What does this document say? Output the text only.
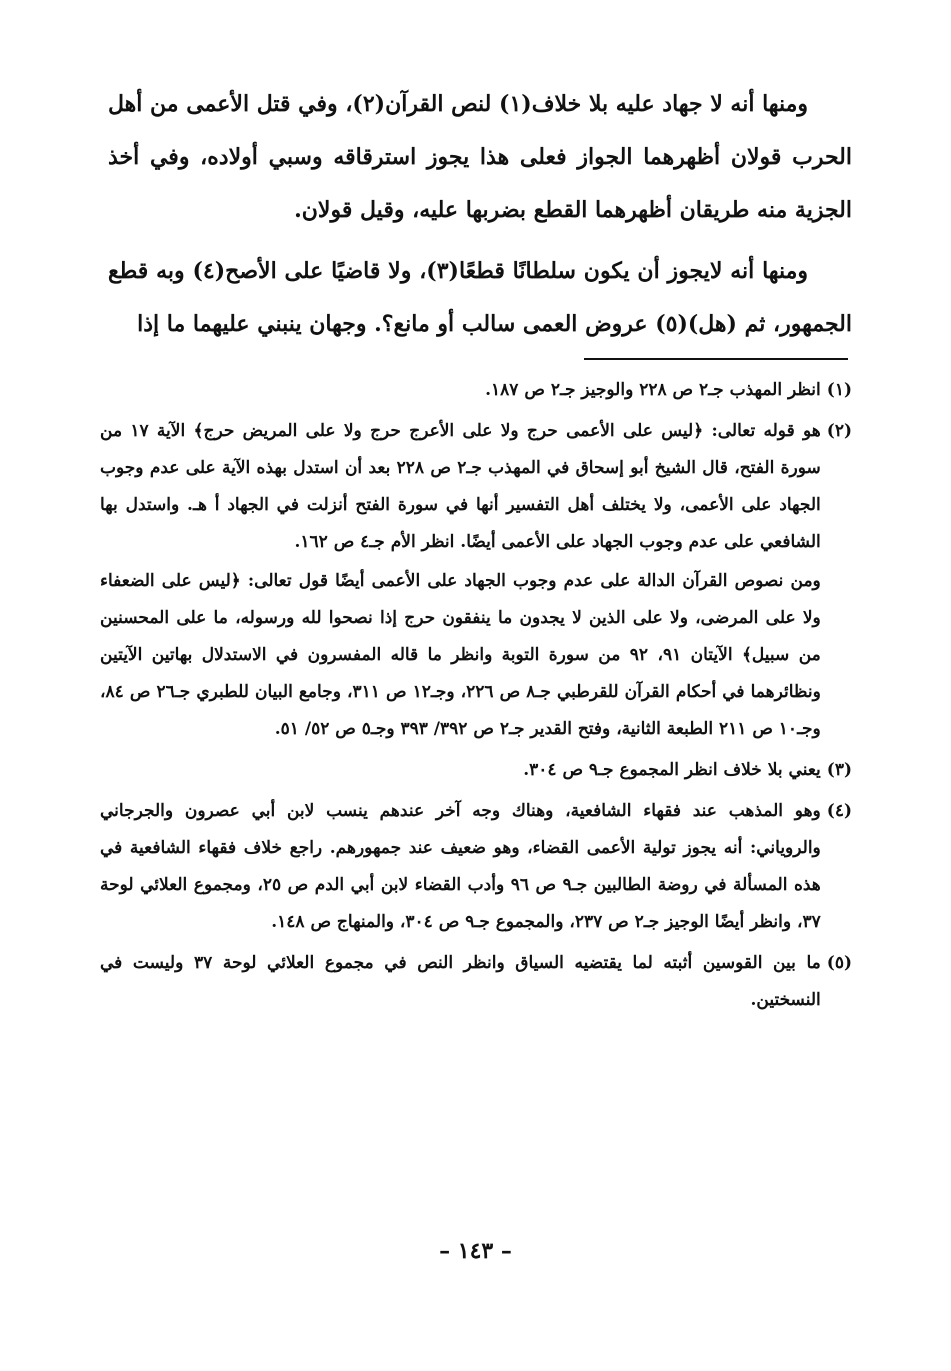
ومنها أنه لا جهاد عليه بلا خلاف(١) لنص القرآن(٢)، وفي قتل الأعمى من أهل الحرب قولان أظهرهما الجواز فعلى هذا يجوز استرقاقه وسبي أولاده، وفي أخذ الجزية منه طريقان أظهرهما القطع بضربها عليه، وقيل قولان.

ومنها أنه لايجوز أن يكون سلطانًا قطعًا(٣)، ولا قاضيًا على الأصح(٤) وبه قطع الجمهور، ثم (هل)(٥) عروض العمى سالب أو مانع؟. وجهان ينبني عليهما ما إذا

(١)
انظر المهذب جـ٢ ص ٢٢٨ والوجيز جـ٢ ص ١٨٧.
(٢)
هو قوله تعالى: ﴿ليس على الأعمى حرج ولا على الأعرج حرج ولا على المريض حرج﴾ الآية ١٧ من سورة الفتح، قال الشيخ أبو إسحاق في المهذب جـ٢ ص ٢٢٨ بعد أن استدل بهذه الآية على عدم وجوب الجهاد على الأعمى، ولا يختلف أهل التفسير أنها في سورة الفتح أنزلت في الجهاد أ هـ. واستدل بها الشافعي على عدم وجوب الجهاد على الأعمى أيضًا. انظر الأم جـ٤ ص ١٦٢.
ومن نصوص القرآن الدالة على عدم وجوب الجهاد على الأعمى أيضًا قول تعالى: ﴿ليس على الضعفاء ولا على المرضى، ولا على الذين لا يجدون ما ينفقون حرج إذا نصحوا لله ورسوله، ما على المحسنين من سبيل﴾ الآيتان ٩١، ٩٢ من سورة التوبة وانظر ما قاله المفسرون في الاستدلال بهاتين الآيتين ونظائرهما في أحكام القرآن للقرطبي جـ٨ ص ٢٢٦، وجـ١٢ ص ٣١١، وجامع البيان للطبري جـ٢٦ ص ٨٤، وجـ١٠ ص ٢١١ الطبعة الثانية، وفتح القدير جـ٢ ص ٣٩٢/ ٣٩٣ وجـ٥ ص ٥٢/ ٥١.
(٣)
يعني بلا خلاف انظر المجموع جـ٩ ص ٣٠٤.
(٤)
وهو المذهب عند فقهاء الشافعية، وهناك وجه آخر عندهم ينسب لابن أبي عصرون والجرجاني والروياني: أنه يجوز تولية الأعمى القضاء، وهو ضعيف عند جمهورهم. راجع خلاف فقهاء الشافعية في هذه المسألة في روضة الطالبين جـ٩ ص ٩٦ وأدب القضاء لابن أبي الدم ص ٢٥، ومجموع العلائي لوحة ٣٧، وانظر أيضًا الوجيز جـ٢ ص ٢٣٧، والمجموع جـ٩ ص ٣٠٤، والمنهاج ص ١٤٨.
(٥)
ما بين القوسين أثبته لما يقتضيه السياق وانظر النص في مجموع العلائي لوحة ٣٧ وليست في النسختين.
– ١٤٣ –
